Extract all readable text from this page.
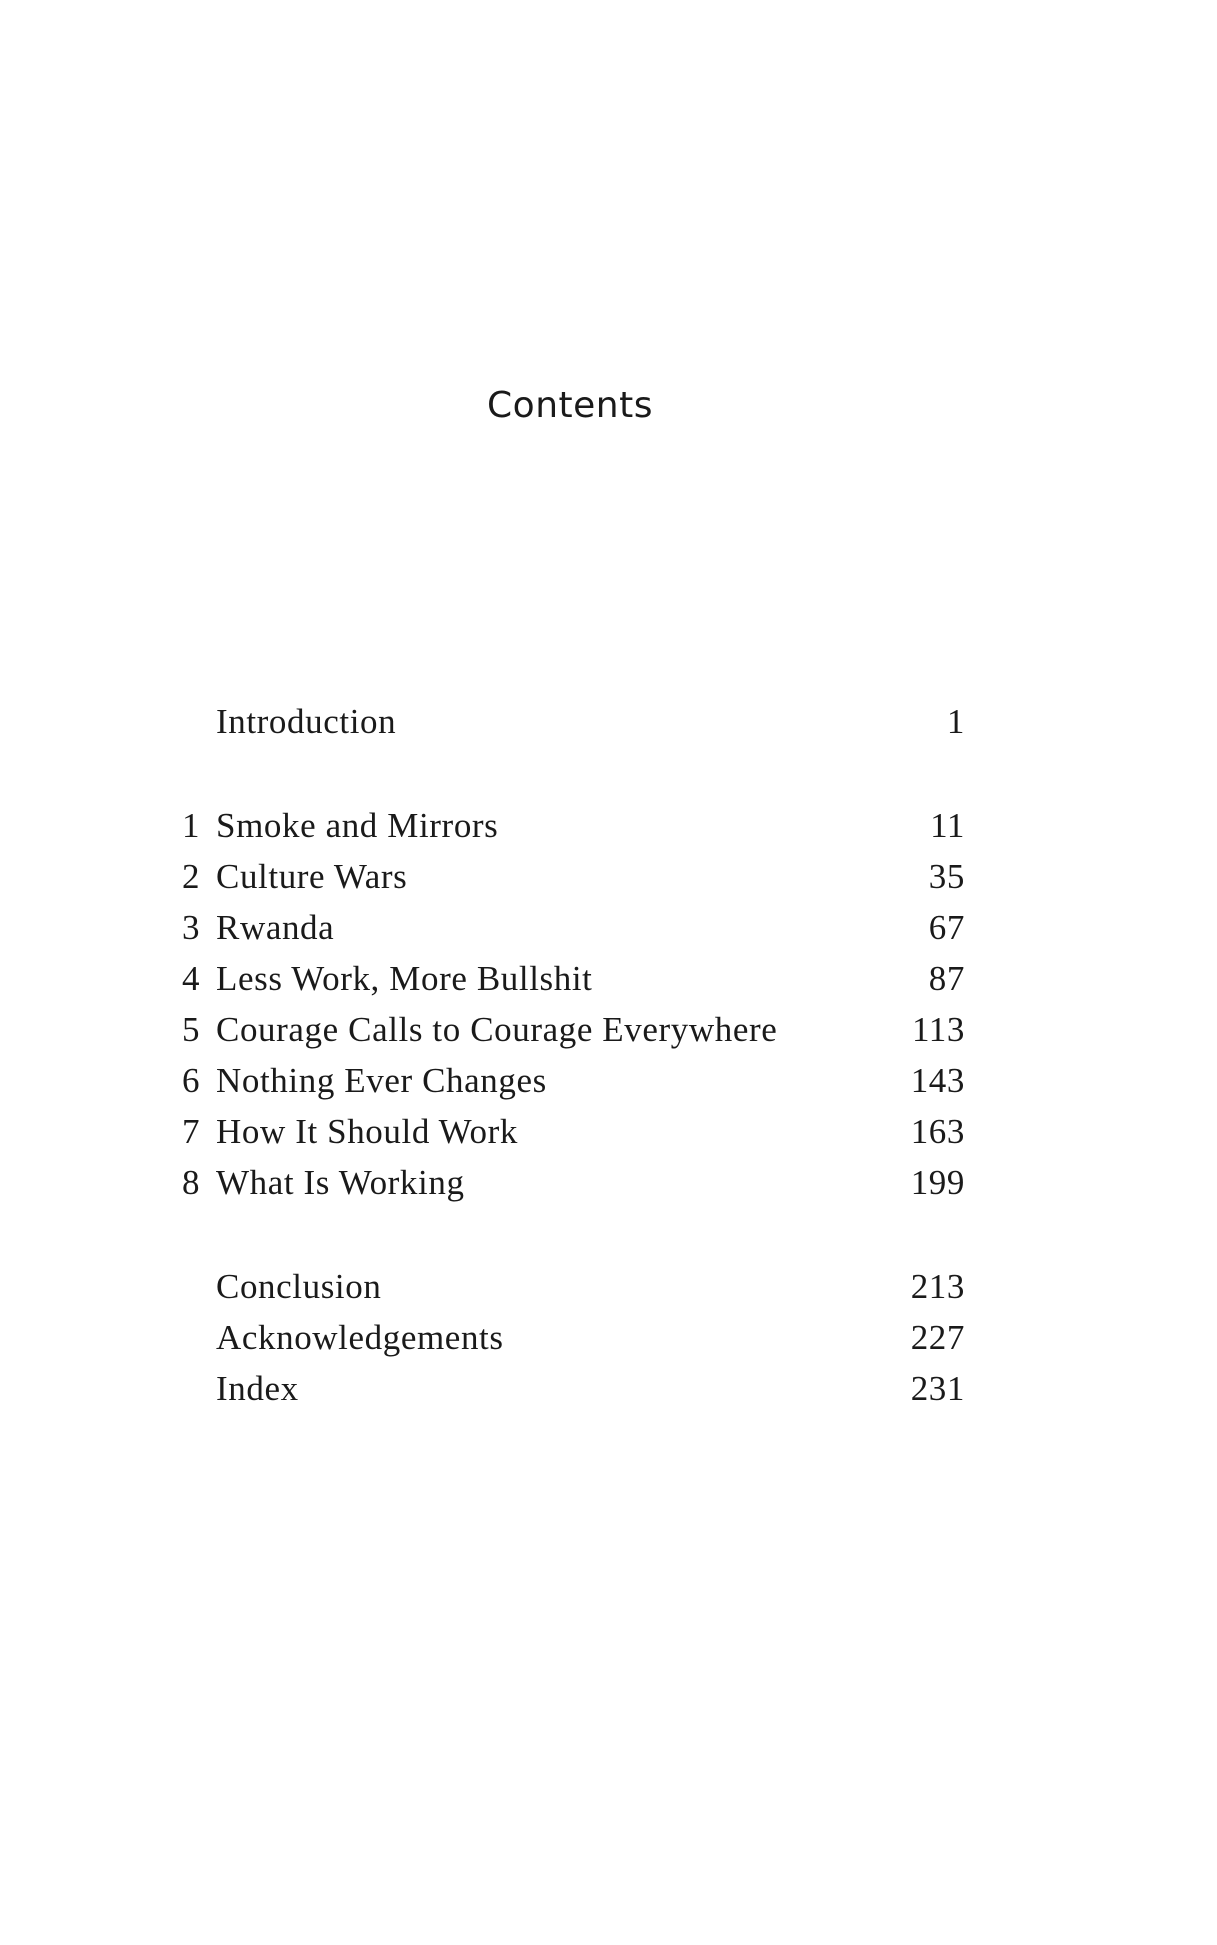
Contents
Introduction	1
1 Smoke and Mirrors	11
2 Culture Wars	35
3 Rwanda	67
4 Less Work, More Bullshit	87
5 Courage Calls to Courage Everywhere	113
6 Nothing Ever Changes	143
7 How It Should Work	163
8 What Is Working	199
Conclusion	213
Acknowledgements	227
Index	231
